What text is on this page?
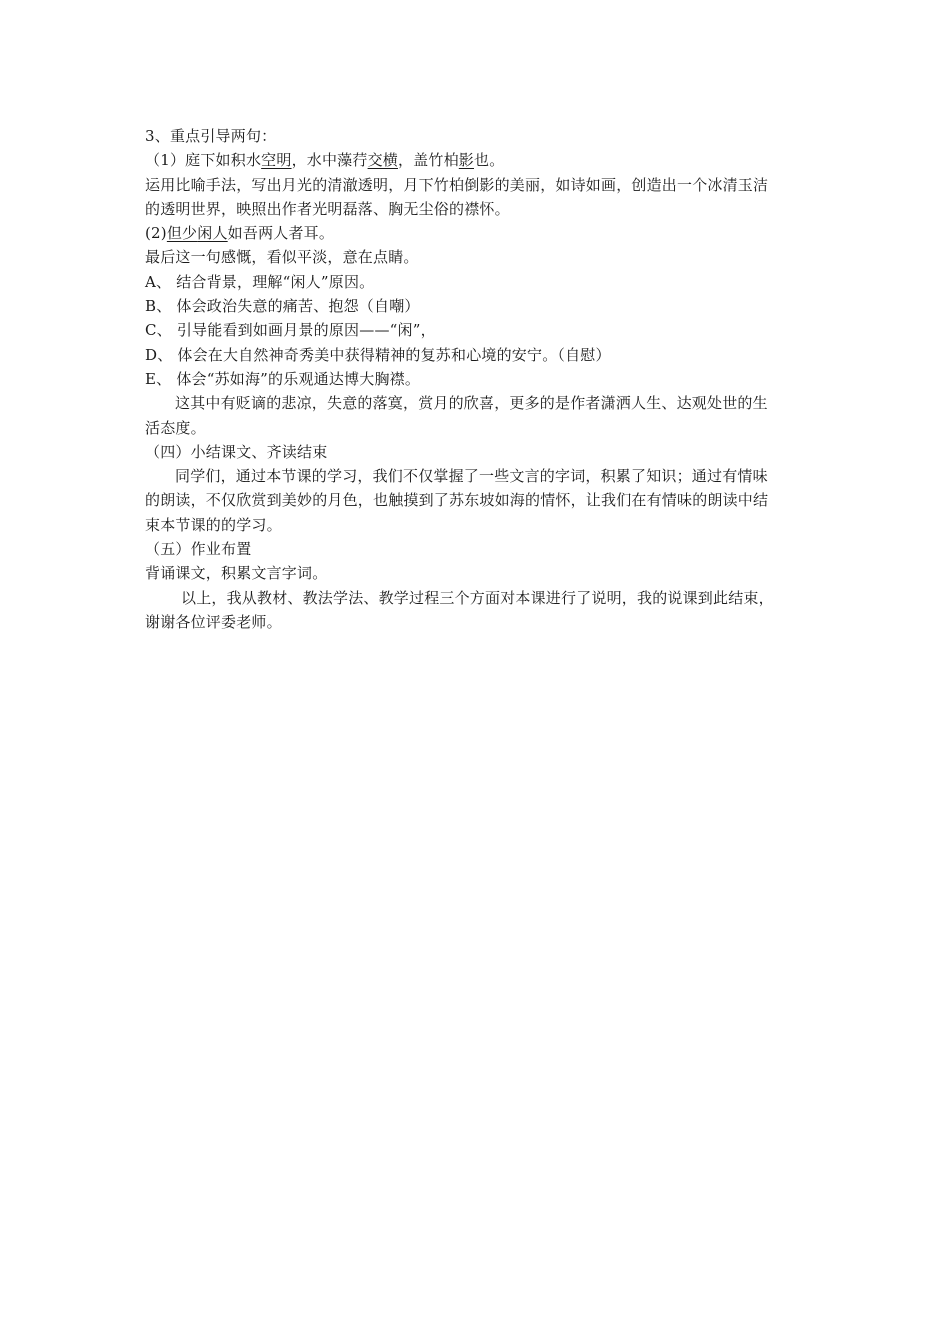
3、重点引导两句：
（1）庭下如积水空明，水中藻荇交横，盖竹柏影也。
运用比喻手法，写出月光的清澈透明，月下竹柏倒影的美丽，如诗如画，创造出一个冰清玉洁
的透明世界，映照出作者光明磊落、胸无尘俗的襟怀。
(2)但少闲人如吾两人者耳。
最后这一句感慨，看似平淡，意在点睛。
A、 结合背景，理解“闲人”原因。
B、 体会政治失意的痛苦、抱怨（自嘲）
C、 引导能看到如画月景的原因——“闲”，
D、 体会在大自然神奇秀美中获得精神的复苏和心境的安宁。（自慰）
E、 体会“苏如海”的乐观通达博大胸襟。
这其中有贬谪的悲凉，失意的落寞，赏月的欣喜，更多的是作者潇洒人生、达观处世的生
活态度。
（四）小结课文、齐读结束
同学们，通过本节课的学习，我们不仅掌握了一些文言的字词，积累了知识；通过有情味
的朗读，不仅欣赏到美妙的月色，也触摸到了苏东坡如海的情怀，让我们在有情味的朗读中结
束本节课的的学习。
（五）作业布置
背诵课文，积累文言字词。
以上，我从教材、教法学法、教学过程三个方面对本课进行了说明，我的说课到此结束，
谢谢各位评委老师。
